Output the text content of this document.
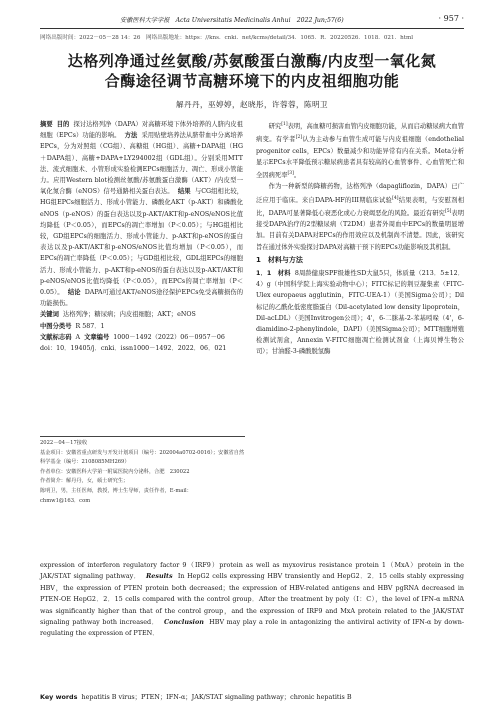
安徽医科大学学报　Acta Universitatis Medicinalis Anhui　2022 Jun;57(6)	· 957 ·
网络出版时间：2022－05－28 14：26　网络出版地址：https：//kns．cnki．net/kcms/detail/34．1065．R．20220526．1018．021．html
达格列净通过丝氨酸/苏氨酸蛋白激酶/内皮型一氧化氮
合酶途径调节高糖环境下的内皮祖细胞功能
解丹丹，巫婷婷，赵晓彤，许蓉蓉，陈明卫
摘要 目的 探讨达格列净（DAPA）对高糖环境下体外培养的人脐内皮祖细胞（EPCs）功能的影响。 方法 采用贴壁培养法从脐带血中分离培养EPCs，分为对照组（CG组）、高糖组（HG组）、高糖+DAPA组（HG＋DAPA组）、高糖+DAPA+LY294002组（GDL组）。分别采用MTT法、流式细胞术、小管形成实验检测EPCs细胞活力、凋亡、形成小管能力。应用Western blot检测丝氨酸/苏氨酸蛋白激酶（AKT）/内皮型一氧化氮合酶（eNOS）信号通路相关蛋白表达。 结果 与CG组相比较，HG组EPCs细胞活力、形成小管能力、磷酸化AKT（p-AKT）和磷酸化eNOS（p-eNOS）的蛋白表达以及p-AKT/AKT和p-eNOS/eNOS比值均降低（P＜0.05），而EPCs的凋亡率增加（P＜0.05）；与HG组相比较，GD组EPCs的细胞活力、形成小管能力、p-AKT和p-eNOS的蛋白表达以及p-AKT/AKT和p-eNOS/eNOS比值均增加（P＜0.05），而EPCs的凋亡率降低（P＜0.05）；与GD组相比较，GDL组EPCs的细胞活力、形成小管能力、p-AKT和p-eNOS的蛋白表达以及p-AKT/AKT和p-eNOS/eNOS比值均降低（P＜0.05），而EPCs的凋亡率增加（P＜0.05）。 结论 DAPA可通过AKT/eNOS途径保护EPCs免受高糖损伤的功能损伤。
关键词 达格列净；糖尿病；内皮祖细胞；AKT；eNOS
中图分类号 R 587．1
文献标志码 A 文章编号 1000－1492（2022）06－0957－06
doi：10．19405/j．cnki．issn1000－1492．2022．06．021
2022－04－17接收
基金项目：安徽省重点研发与开发计划项目（编号：202004a0702-0016）；安徽省自然科学基金（编号：2108085MH269）
作者单位：安徽医科大学第一附属医院内分泌科，合肥　230022
作者简介：解丹丹，女，硕士研究生；
陈明卫，男，主任医师，教授，博士生导师，责任作者，E-mail：
chmw1@163．com
研究[1]表明，高血糖可损害血管内皮细胞功能，从而启动糖尿病大血管病变。有学者[2]认为主动参与血管生成可能与内皮祖细胞（endothelial progenitor cells，EPCs）数量减少和功能异常有内在关系。Meta分析显示EPCs水平降低预示糖尿病患者具有较高的心血管事件、心血管死亡和全因病死率[3]。
作为一种新型的降糖药物，达格列净（dapagliflozin，DAPA）已广泛应用于临床。来自DAPA-HF的III期临床试验[4]结果表明，与安慰剂相比，DAPA可显著降低心衰恶化或心力衰竭恶化的风险。最近有研究[5]表明接受DAPA治疗的2型糖尿病（T2DM）患者外周血中EPCs的数量明显增加。目前有关DAPA对EPCs的作用效应以及机制尚不清楚。因此，该研究旨在通过体外实验探讨DAPA对高糖干预下的EPCs功能影响及其机制。
1　材料与方法
1．1　材料 8周龄健康SPF级雄性SD大鼠5只，体质量（213．5±12．4）g（中国科学院上海实验动物中心）；FITC标记的荆豆凝集素（FITC-Ulex europaeus agglutinin，FITC-UEA-1）（美国Sigma公司）；Dil标记的乙酰化低密度脂蛋白（Dil-acetylated low density lipoprotein，Dil-acLDL）（美国Invitrogen公司）；4'，6-二脒基-2-苯基吲哚（4'，6-diamidino-2-phenylindole，DAPI）（美国Sigma公司）；MTT细胞增殖检测试剂盒，Annexin V-FITC细胞凋亡检测试剂盒（上海贝博生物公司）；甘油醛-3-磷酸脱氢酶
expression of interferon regulatory factor 9（IRF9）protein as well as myxovirus resistance protein 1（MxA）protein in the JAK/STAT signaling pathway． Results In HepG2 cells expressing HBV transiently and HepG2．2．15 cells stably expressing HBV，the expression of PTEN protein both decreased；the expression of HBV-related antigens and HBV pgRNA decreased in PTEN-OE HepG2．2．15 cells compared with the control group．After the treatment by poly（I：C），the level of IFN-α mRNA was significantly higher than that of the control group，and the expression of IRF9 and MxA protein related to the JAK/STAT signaling pathway both increased． Conclusion HBV may play a role in antagonizing the antiviral activity of IFN-α by down-regulating the expression of PTEN．
Key words hepatitis B virus；PTEN；IFN-α；JAK/STAT signaling pathway；chronic hepatitis B
